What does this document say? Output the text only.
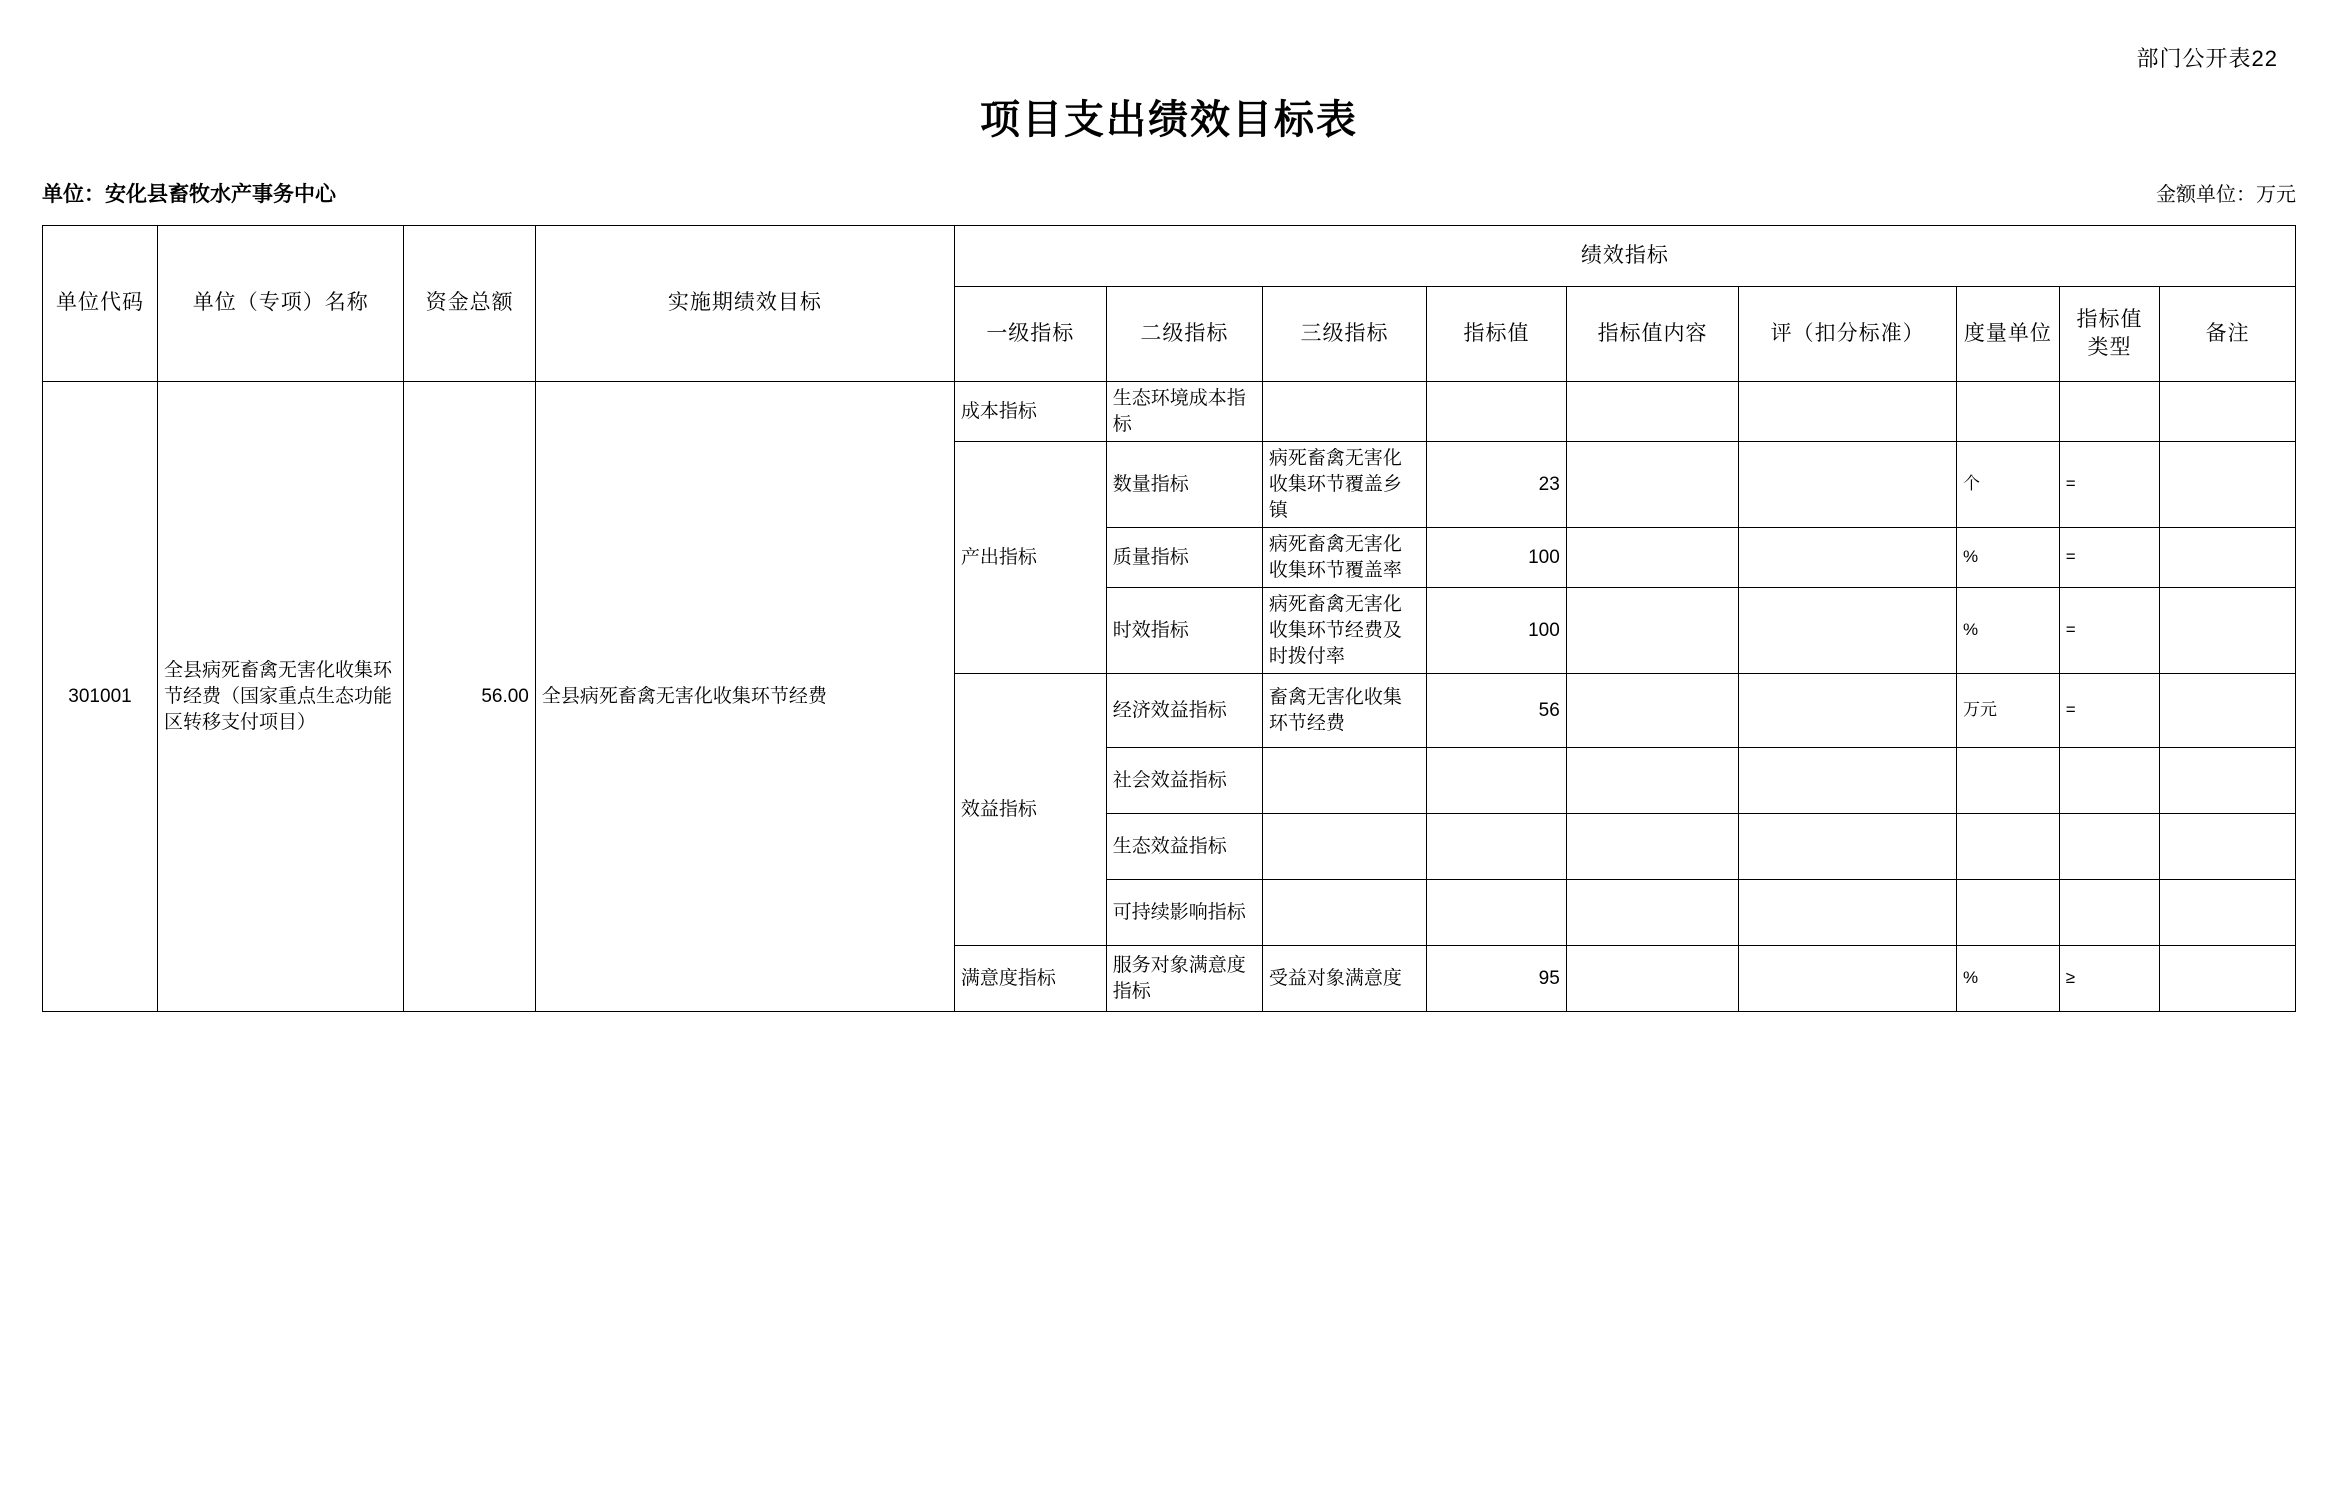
部门公开表22
项目支出绩效目标表
单位：安化县畜牧水产事务中心	金额单位：万元
单位代码	单位（专项）名称	资金总额	实施期绩效目标	绩效指标								
				一级指标	二级指标	三级指标	指标值	指标值内容	评（扣分标准）	度量单位	指标值类型	备注
301001	全县病死畜禽无害化收集环节经费（国家重点生态功能区转移支付项目）	56.00	全县病死畜禽无害化收集环节经费	成本指标	生态环境成本指标							
				产出指标	数量指标	病死畜禽无害化收集环节覆盖乡镇	23			个	=	
					质量指标	病死畜禽无害化收集环节覆盖率	100			%	=	
					时效指标	病死畜禽无害化收集环节经费及时拨付率	100			%	=	
				效益指标	经济效益指标	畜禽无害化收集环节经费	56			万元	=	
					社会效益指标							
					生态效益指标							
					可持续影响指标							
				满意度指标	服务对象满意度指标	受益对象满意度	95			%	≥	
